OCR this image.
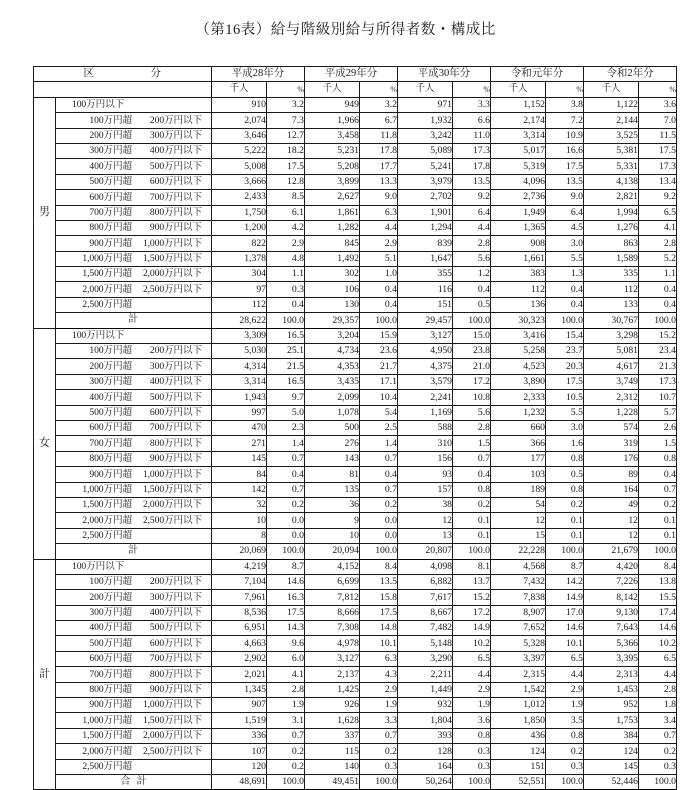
（第16表）給与階級別給与所得者数・構成比
区 分		平成28年分		平成29年分		平成30年分		令和元年分		令和2年分	
		千人	%	千人	%	千人	%	千人	%	千人	%
男	100万円以下	910	3.2	949	3.2	971	3.3	1,152	3.8	1,122	3.6
	100万円超 200万円以下	2,074	7.3	1,966	6.7	1,932	6.6	2,174	7.2	2,144	7.0
	200万円超 300万円以下	3,646	12.7	3,458	11.8	3,242	11.0	3,314	10.9	3,525	11.5
	300万円超 400万円以下	5,222	18.2	5,231	17.8	5,089	17.3	5,017	16.6	5,381	17.5
	400万円超 500万円以下	5,008	17.5	5,208	17.7	5,241	17.8	5,319	17.5	5,331	17.3
	500万円超 600万円以下	3,666	12.8	3,899	13.3	3,979	13.5	4,096	13.5	4,138	13.4
	600万円超 700万円以下	2,433	8.5	2,627	9.0	2,702	9.2	2,736	9.0	2,821	9.2
	700万円超 800万円以下	1,750	6.1	1,861	6.3	1,901	6.4	1,949	6.4	1,994	6.5
	800万円超 900万円以下	1,200	4.2	1,282	4.4	1,294	4.4	1,365	4.5	1,276	4.1
	900万円超 1,000万円以下	822	2.9	845	2.9	839	2.8	908	3.0	863	2.8
	1,000万円超 1,500万円以下	1,378	4.8	1,492	5.1	1,647	5.6	1,661	5.5	1,589	5.2
	1,500万円超 2,000万円以下	304	1.1	302	1.0	355	1.2	383	1.3	335	1.1
	2,000万円超 2,500万円以下	97	0.3	106	0.4	116	0.4	112	0.4	112	0.4
	2,500万円超	112	0.4	130	0.4	151	0.5	136	0.4	133	0.4
	計	28,622	100.0	29,357	100.0	29,457	100.0	30,323	100.0	30,767	100.0
女	100万円以下	3,309	16.5	3,204	15.9	3,127	15.0	3,416	15.4	3,298	15.2
	100万円超 200万円以下	5,030	25.1	4,734	23.6	4,950	23.8	5,258	23.7	5,081	23.4
	200万円超 300万円以下	4,314	21.5	4,353	21.7	4,375	21.0	4,523	20.3	4,617	21.3
	300万円超 400万円以下	3,314	16.5	3,435	17.1	3,579	17.2	3,890	17.5	3,749	17.3
	400万円超 500万円以下	1,943	9.7	2,099	10.4	2,241	10.8	2,333	10.5	2,312	10.7
	500万円超 600万円以下	997	5.0	1,078	5.4	1,169	5.6	1,232	5.5	1,228	5.7
	600万円超 700万円以下	470	2.3	500	2.5	588	2.8	660	3.0	574	2.6
	700万円超 800万円以下	271	1.4	276	1.4	310	1.5	366	1.6	319	1.5
	800万円超 900万円以下	145	0.7	143	0.7	156	0.7	177	0.8	176	0.8
	900万円超 1,000万円以下	84	0.4	81	0.4	93	0.4	103	0.5	89	0.4
	1,000万円超 1,500万円以下	142	0.7	135	0.7	157	0.8	189	0.8	164	0.7
	1,500万円超 2,000万円以下	32	0.2	36	0.2	38	0.2	54	0.2	49	0.2
	2,000万円超 2,500万円以下	10	0.0	9	0.0	12	0.1	12	0.1	12	0.1
	2,500万円超	8	0.0	10	0.0	13	0.1	15	0.1	12	0.1
	計	20,069	100.0	20,094	100.0	20,807	100.0	22,228	100.0	21,679	100.0
計	100万円以下	4,219	8.7	4,152	8.4	4,098	8.1	4,568	8.7	4,420	8.4
	100万円超 200万円以下	7,104	14.6	6,699	13.5	6,882	13.7	7,432	14.2	7,226	13.8
	200万円超 300万円以下	7,961	16.3	7,812	15.8	7,617	15.2	7,838	14.9	8,142	15.5
	300万円超 400万円以下	8,536	17.5	8,666	17.5	8,667	17.2	8,907	17.0	9,130	17.4
	400万円超 500万円以下	6,951	14.3	7,308	14.8	7,482	14.9	7,652	14.6	7,643	14.6
	500万円超 600万円以下	4,663	9.6	4,978	10.1	5,148	10.2	5,328	10.1	5,366	10.2
	600万円超 700万円以下	2,902	6.0	3,127	6.3	3,290	6.5	3,397	6.5	3,395	6.5
	700万円超 800万円以下	2,021	4.1	2,137	4.3	2,211	4.4	2,315	4.4	2,313	4.4
	800万円超 900万円以下	1,345	2.8	1,425	2.9	1,449	2.9	1,542	2.9	1,453	2.8
	900万円超 1,000万円以下	907	1.9	926	1.9	932	1.9	1,012	1.9	952	1.8
	1,000万円超 1,500万円以下	1,519	3.1	1,628	3.3	1,804	3.6	1,850	3.5	1,753	3.4
	1,500万円超 2,000万円以下	336	0.7	337	0.7	393	0.8	436	0.8	384	0.7
	2,000万円超 2,500万円以下	107	0.2	115	0.2	128	0.3	124	0.2	124	0.2
	2,500万円超	120	0.2	140	0.3	164	0.3	151	0.3	145	0.3
	合計	48,691	100.0	49,451	100.0	50,264	100.0	52,551	100.0	52,446	100.0
